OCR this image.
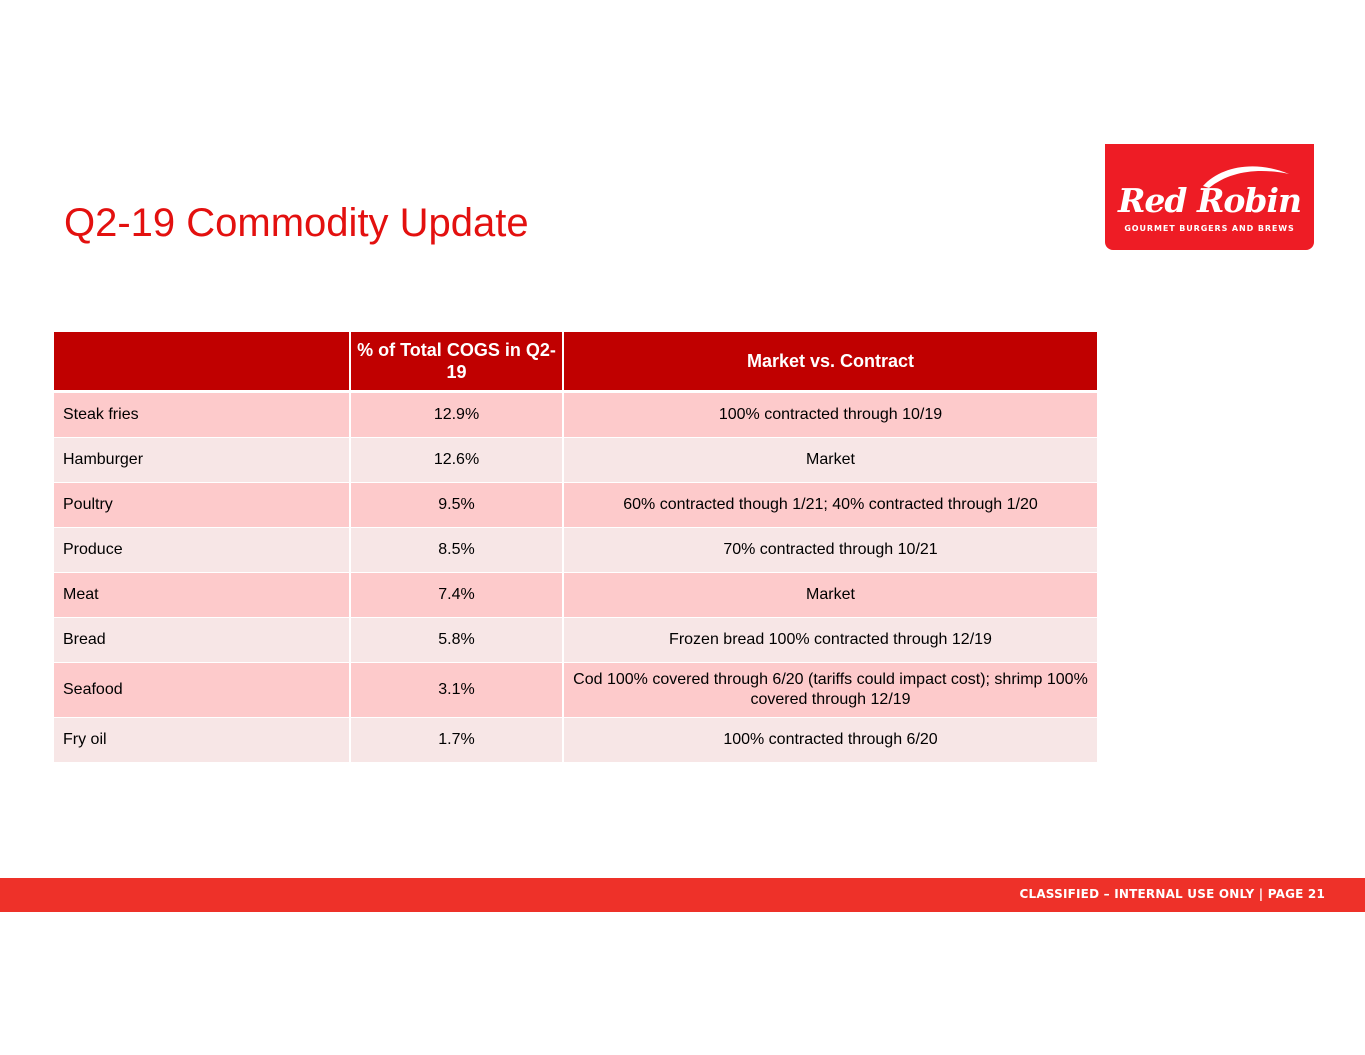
Q2-19 Commodity Update
Red Robin
GOURMET BURGERS AND BREWS
	% of Total COGS in Q2-19	Market vs. Contract
Steak fries	12.9%	100% contracted through 10/19
Hamburger	12.6%	Market
Poultry	9.5%	60% contracted though 1/21; 40% contracted through 1/20
Produce	8.5%	70% contracted through 10/21
Meat	7.4%	Market
Bread	5.8%	Frozen bread 100% contracted through 12/19
Seafood	3.1%	Cod 100% covered through 6/20 (tariffs could impact cost); shrimp 100% covered through 12/19
Fry oil	1.7%	100% contracted through 6/20
CLASSIFIED – INTERNAL USE ONLY | PAGE 21
